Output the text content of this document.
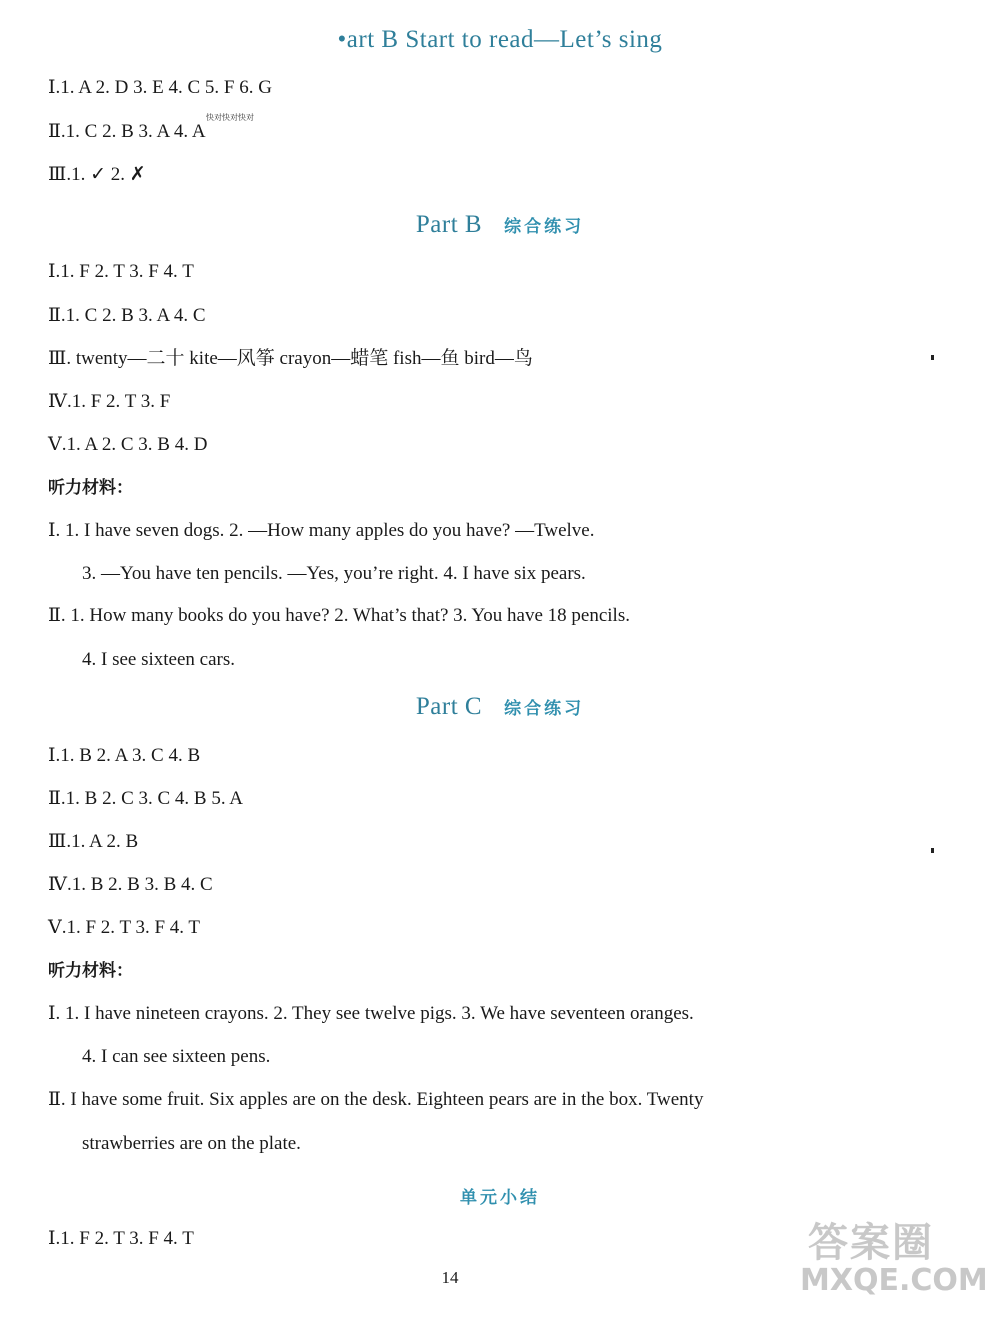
•art B Start to read—Let’s sing
Ⅰ.1. A 2. D 3. E 4. C 5. F 6. G
快对快对快对
Ⅱ.1. C 2. B 3. A 4. A
Ⅲ.1. ✓ 2. ✗
Part B 综合练习
Ⅰ.1. F 2. T 3. F 4. T
Ⅱ.1. C 2. B 3. A 4. C
Ⅲ. twenty—二十 kite—风筝 crayon—蜡笔 fish—鱼 bird—鸟
Ⅳ.1. F 2. T 3. F
Ⅴ.1. A 2. C 3. B 4. D
听力材料：
Ⅰ. 1. I have seven dogs. 2. —How many apples do you have? —Twelve.
3. —You have ten pencils. —Yes, you’re right. 4. I have six pears.
Ⅱ. 1. How many books do you have? 2. What’s that? 3. You have 18 pencils.
4. I see sixteen cars.
Part C 综合练习
Ⅰ.1. B 2. A 3. C 4. B
Ⅱ.1. B 2. C 3. C 4. B 5. A
Ⅲ.1. A 2. B
Ⅳ.1. B 2. B 3. B 4. C
Ⅴ.1. F 2. T 3. F 4. T
听力材料：
Ⅰ. 1. I have nineteen crayons. 2. They see twelve pigs. 3. We have seventeen oranges.
4. I can see sixteen pens.
Ⅱ. I have some fruit. Six apples are on the desk. Eighteen pears are in the box. Twenty
strawberries are on the plate.
单元小结
Ⅰ.1. F 2. T 3. F 4. T
14
答案圈
MXQE.COM
